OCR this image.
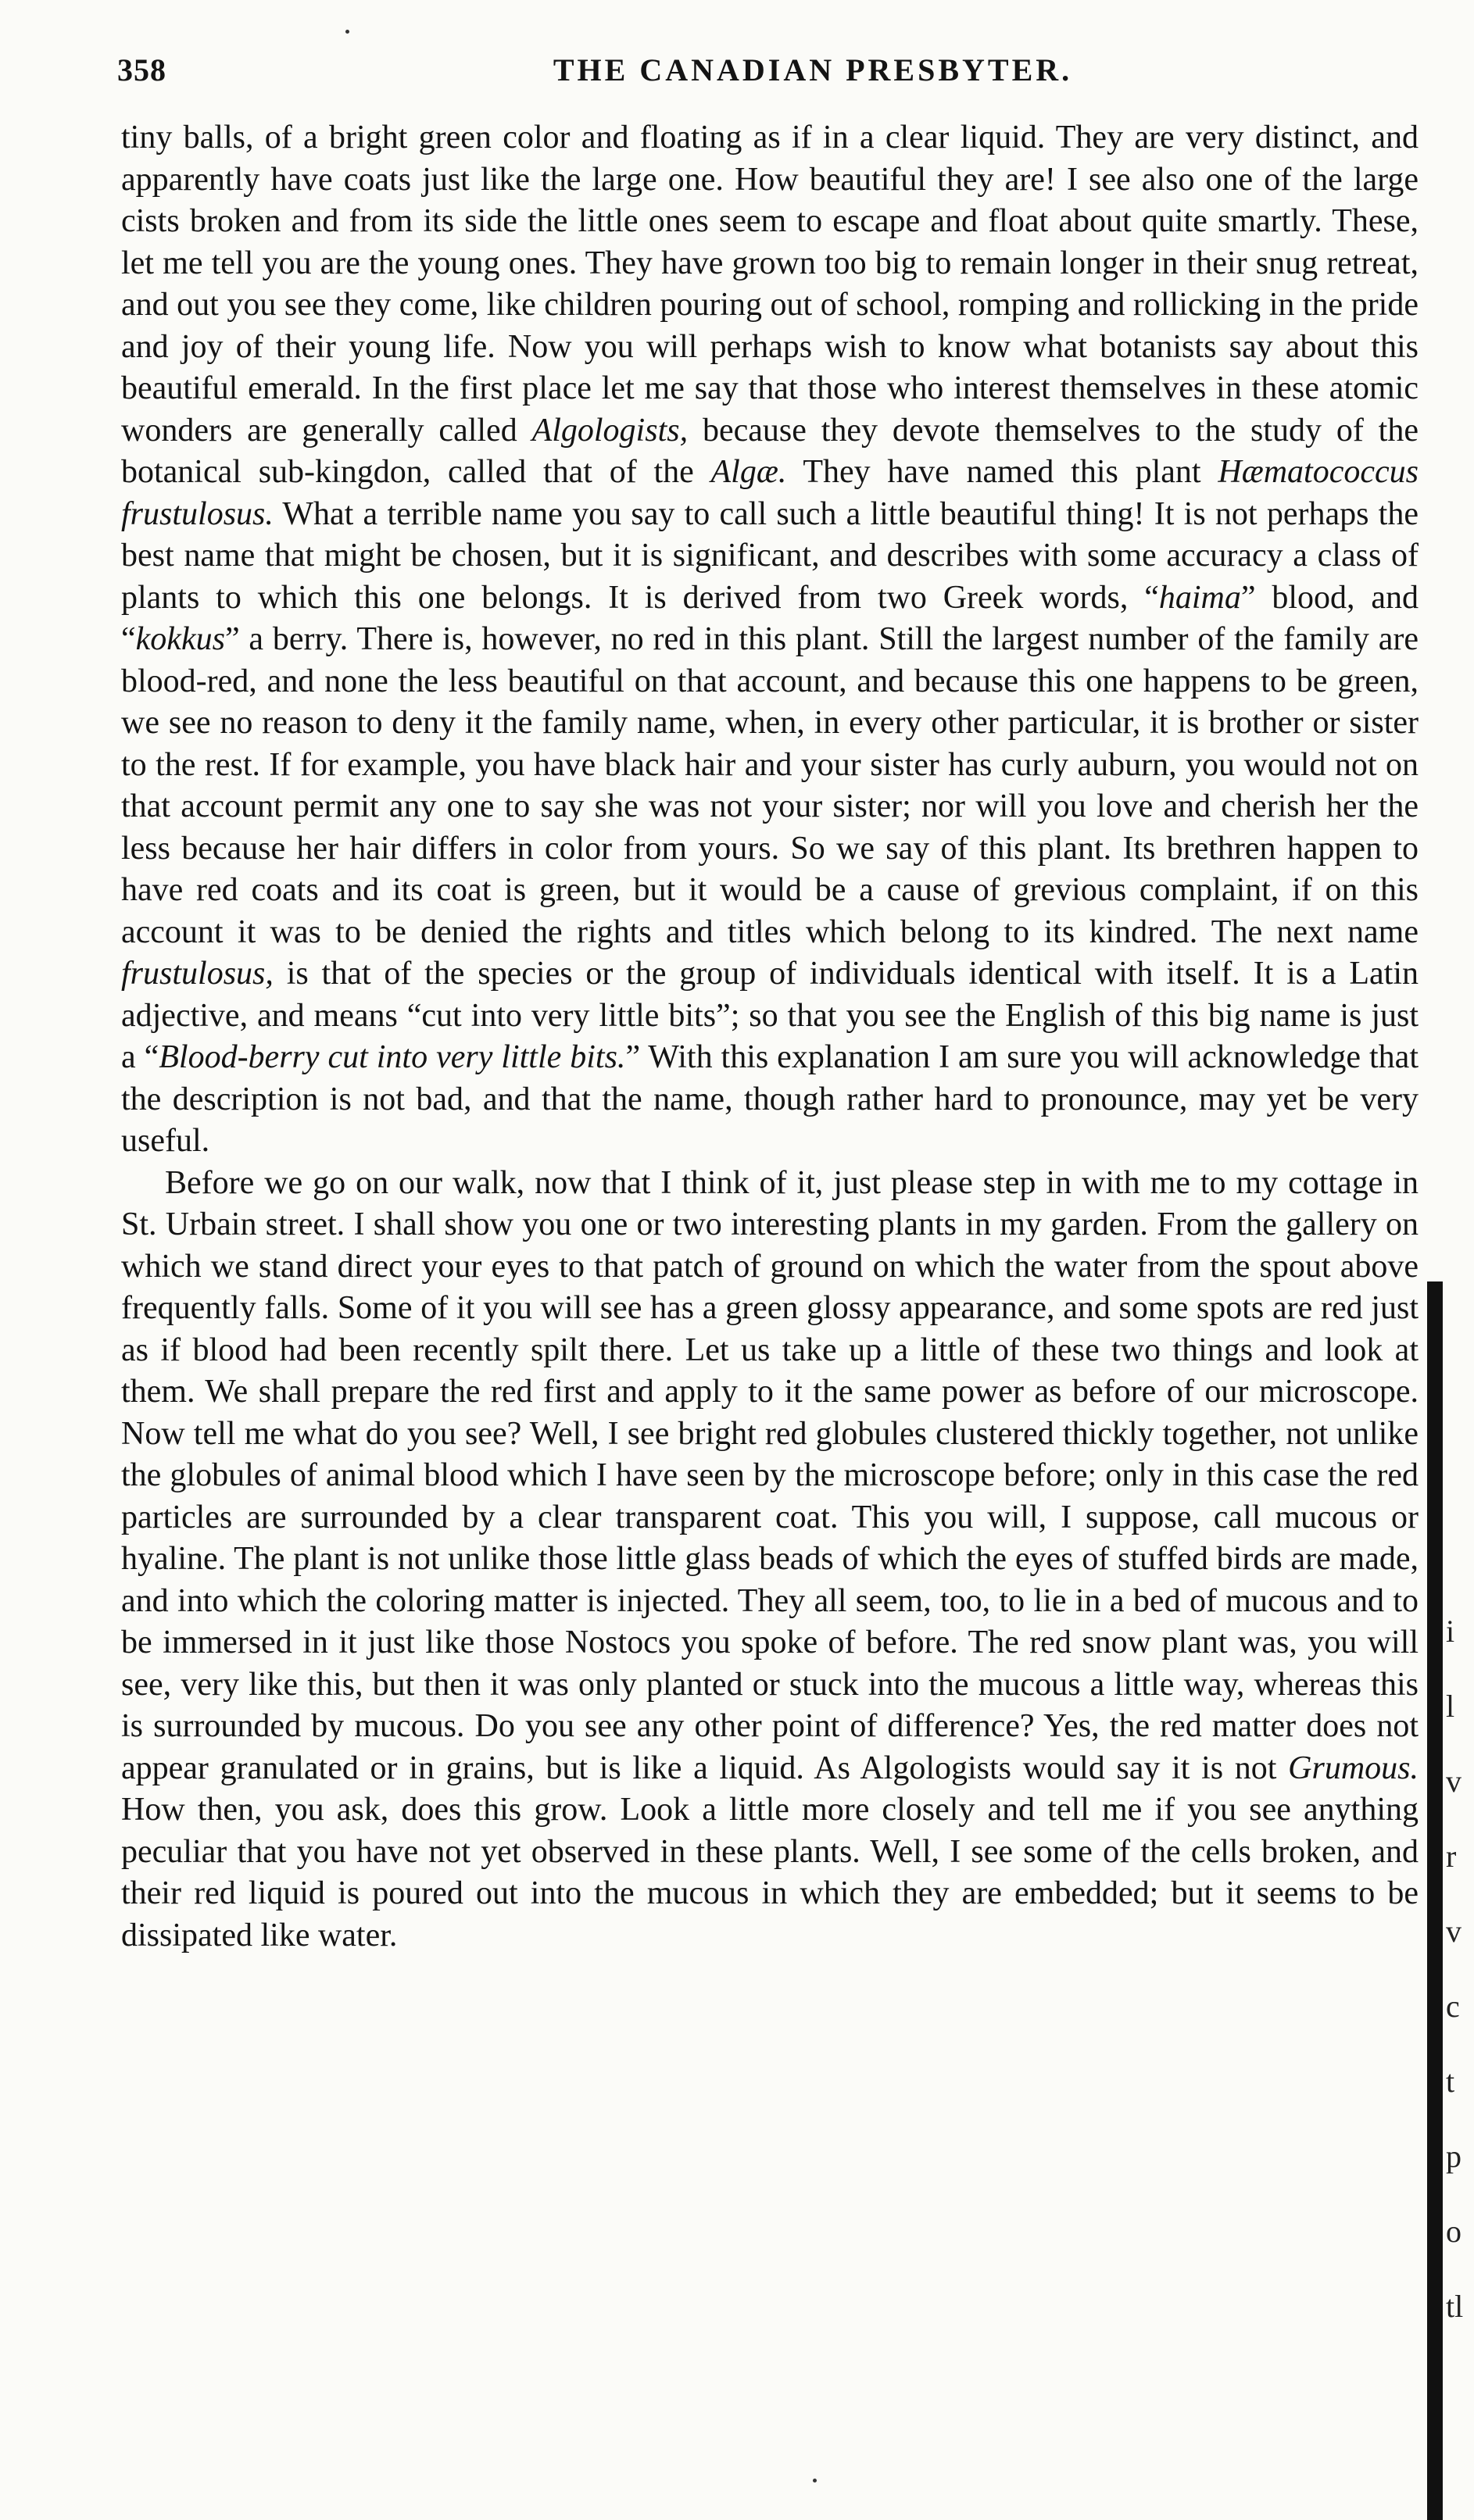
358	THE CANADIAN PRESBYTER.

tiny balls, of a bright green color and floating as if in a clear liquid. They are very distinct, and apparently have coats just like the large one. How beautiful they are! I see also one of the large cists broken and from its side the little ones seem to escape and float about quite smartly. These, let me tell you are the young ones. They have grown too big to remain longer in their snug retreat, and out you see they come, like children pouring out of school, romping and rollicking in the pride and joy of their young life. Now you will perhaps wish to know what botanists say about this beautiful emerald. In the first place let me say that those who interest themselves in these atomic wonders are generally called Algologists, because they devote themselves to the study of the botanical sub-kingdon, called that of the Algæ. They have named this plant Hæmatococcus frustulosus. What a terrible name you say to call such a little beautiful thing! It is not perhaps the best name that might be chosen, but it is significant, and describes with some accuracy a class of plants to which this one belongs. It is derived from two Greek words, “haima” blood, and “kokkus” a berry. There is, however, no red in this plant. Still the largest number of the family are blood-red, and none the less beautiful on that account, and because this one happens to be green, we see no reason to deny it the family name, when, in every other particular, it is brother or sister to the rest. If for example, you have black hair and your sister has curly auburn, you would not on that account permit any one to say she was not your sister; nor will you love and cherish her the less because her hair differs in color from yours. So we say of this plant. Its brethren happen to have red coats and its coat is green, but it would be a cause of grevious complaint, if on this account it was to be denied the rights and titles which belong to its kindred. The next name frustulosus, is that of the species or the group of individuals identical with itself. It is a Latin adjective, and means “cut into very little bits”; so that you see the English of this big name is just a “Blood-berry cut into very little bits.” With this explanation I am sure you will acknowledge that the description is not bad, and that the name, though rather hard to pronounce, may yet be very useful.

Before we go on our walk, now that I think of it, just please step in with me to my cottage in St. Urbain street. I shall show you one or two interesting plants in my garden. From the gallery on which we stand direct your eyes to that patch of ground on which the water from the spout above frequently falls. Some of it you will see has a green glossy appearance, and some spots are red just as if blood had been recently spilt there. Let us take up a little of these two things and look at them. We shall prepare the red first and apply to it the same power as before of our microscope. Now tell me what do you see? Well, I see bright red globules clustered thickly together, not unlike the globules of animal blood which I have seen by the microscope before; only in this case the red particles are surrounded by a clear transparent coat. This you will, I suppose, call mucous or hyaline. The plant is not unlike those little glass beads of which the eyes of stuffed birds are made, and into which the coloring matter is injected. They all seem, too, to lie in a bed of mucous and to be immersed in it just like those Nostocs you spoke of before. The red snow plant was, you will see, very like this, but then it was only planted or stuck into the mucous a little way, whereas this is surrounded by mucous. Do you see any other point of difference? Yes, the red matter does not appear granulated or in grains, but is like a liquid. As Algologists would say it is not Grumous. How then, you ask, does this grow. Look a little more closely and tell me if you see anything peculiar that you have not yet observed in these plants. Well, I see some of the cells broken, and their red liquid is poured out into the mucous in which they are embedded; but it seems to be dissipated like water.

i
l
v
r
v
c
t
p
o
tl
